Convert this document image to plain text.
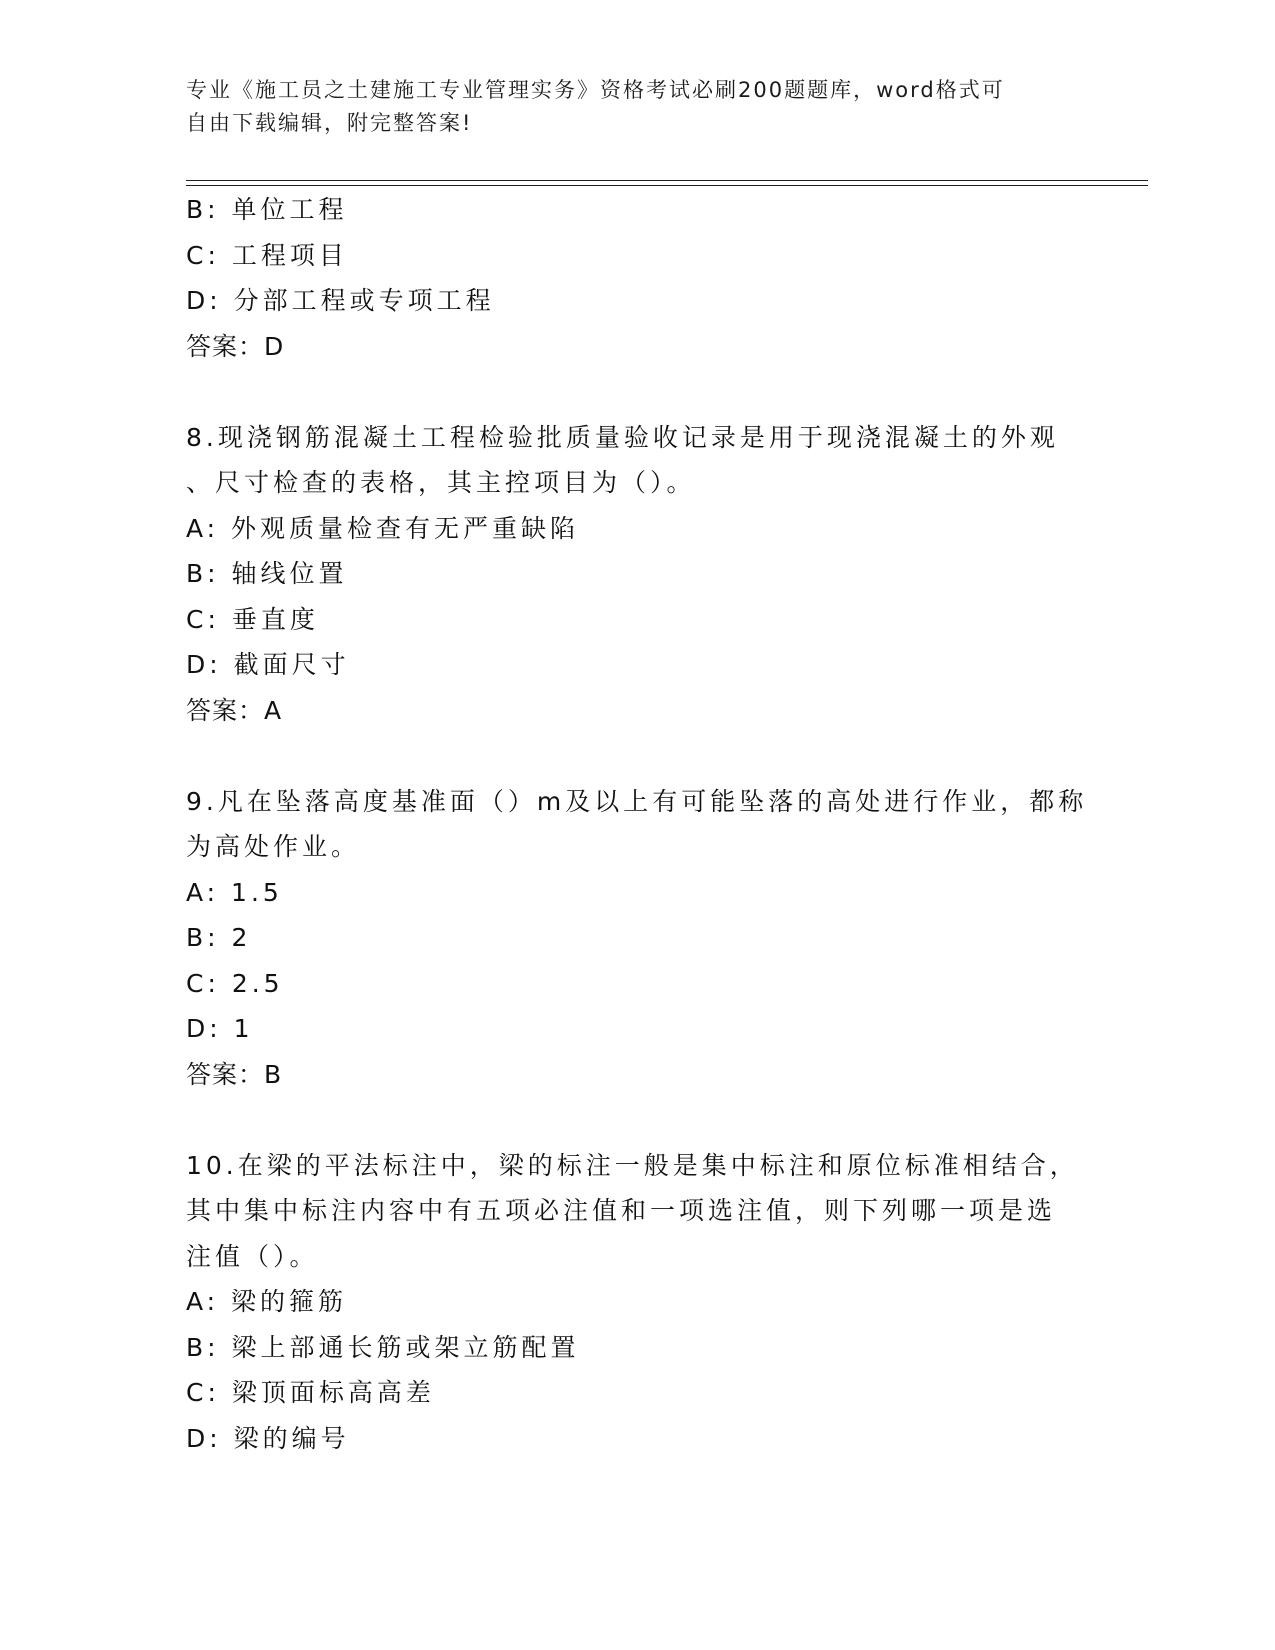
专业《施工员之土建施工专业管理实务》资格考试必刷200题题库，word格式可
自由下载编辑，附完整答案!
B: 单位工程
C: 工程项目
D: 分部工程或专项工程
答案：D
8.现浇钢筋混凝土工程检验批质量验收记录是用于现浇混凝土的外观
、尺寸检查的表格，其主控项目为（）。
A: 外观质量检查有无严重缺陷
B: 轴线位置
C: 垂直度
D: 截面尺寸
答案：A
9.凡在坠落高度基准面（）m及以上有可能坠落的高处进行作业，都称
为高处作业。
A: 1.5
B: 2
C: 2.5
D: 1
答案：B
10.在梁的平法标注中，梁的标注一般是集中标注和原位标准相结合，
其中集中标注内容中有五项必注值和一项选注值，则下列哪一项是选
注值（）。
A: 梁的箍筋
B: 梁上部通长筋或架立筋配置
C: 梁顶面标高高差
D: 梁的编号
